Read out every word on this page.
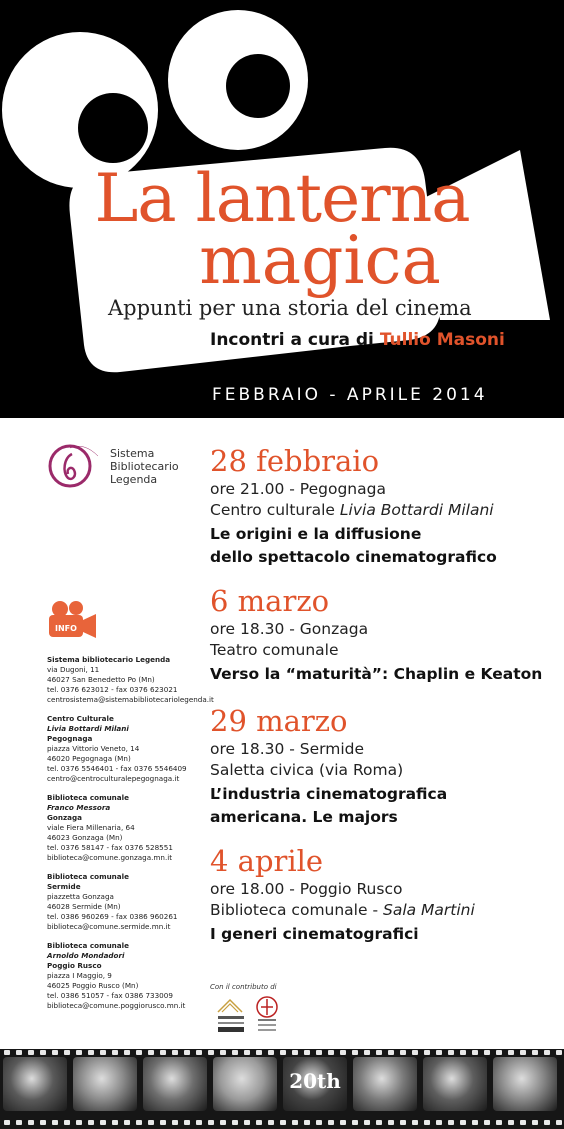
La lanterna
magica
Appunti per una storia del cinema
Incontri a cura di Tullio Masoni
FEBBRAIO - APRILE 2014
Sistema
Bibliotecario
Legenda
INFO
Sistema bibliotecario Legenda
via Dugoni, 11
46027 San Benedetto Po (Mn)
tel. 0376 623012 - fax 0376 623021
centrosistema@sistemabibliotecariolegenda.it
Centro Culturale
Livia Bottardi Milani
Pegognaga
piazza Vittorio Veneto, 14
46020 Pegognaga (Mn)
tel. 0376 5546401 - fax 0376 5546409
centro@centroculturalepegognaga.it
Biblioteca comunale
Franco Messora
Gonzaga
viale Fiera Millenaria, 64
46023 Gonzaga (Mn)
tel. 0376 58147 - fax 0376 528551
biblioteca@comune.gonzaga.mn.it
Biblioteca comunale
Sermide
piazzetta Gonzaga
46028 Sermide (Mn)
tel. 0386 960269 - fax 0386 960261
biblioteca@comune.sermide.mn.it
Biblioteca comunale
Arnoldo Mondadori
Poggio Rusco
piazza I Maggio, 9
46025 Poggio Rusco (Mn)
tel. 0386 51057 - fax 0386 733009
biblioteca@comune.poggiorusco.mn.it
28 febbraio
ore 21.00 - Pegognaga
Centro culturale Livia Bottardi Milani
Le origini e la diffusione
dello spettacolo cinematografico
6 marzo
ore 18.30 - Gonzaga
Teatro comunale
Verso la “maturità”: Chaplin e Keaton
29 marzo
ore 18.30 - Sermide
Saletta civica (via Roma)
L’industria cinematografica
americana. Le majors
4 aprile
ore 18.00 - Poggio Rusco
Biblioteca comunale - Sala Martini
I generi cinematografici
Con il contributo di
20th
